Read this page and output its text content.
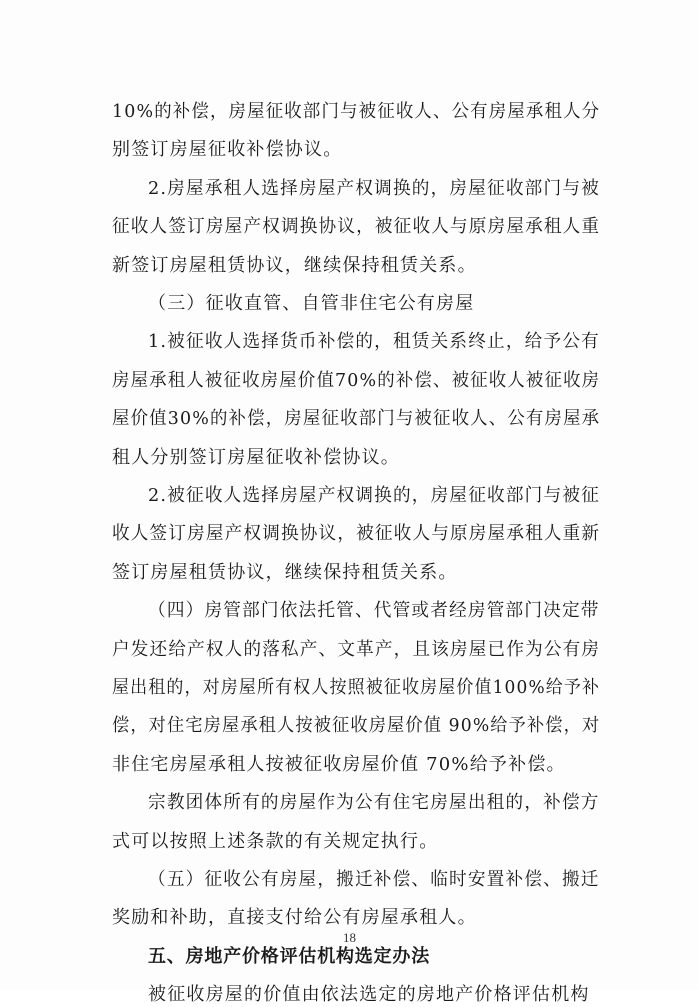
10%的补偿，房屋征收部门与被征收人、公有房屋承租人分
别签订房屋征收补偿协议。
2.房屋承租人选择房屋产权调换的，房屋征收部门与被
征收人签订房屋产权调换协议，被征收人与原房屋承租人重
新签订房屋租赁协议，继续保持租赁关系。
（三）征收直管、自管非住宅公有房屋
1.被征收人选择货币补偿的，租赁关系终止，给予公有
房屋承租人被征收房屋价值70%的补偿、被征收人被征收房
屋价值30%的补偿，房屋征收部门与被征收人、公有房屋承
租人分别签订房屋征收补偿协议。
2.被征收人选择房屋产权调换的，房屋征收部门与被征
收人签订房屋产权调换协议，被征收人与原房屋承租人重新
签订房屋租赁协议，继续保持租赁关系。
（四）房管部门依法托管、代管或者经房管部门决定带
户发还给产权人的落私产、文革产，且该房屋已作为公有房
屋出租的，对房屋所有权人按照被征收房屋价值100%给予补
偿，对住宅房屋承租人按被征收房屋价值 90%给予补偿，对
非住宅房屋承租人按被征收房屋价值 70%给予补偿。
宗教团体所有的房屋作为公有住宅房屋出租的，补偿方
式可以按照上述条款的有关规定执行。
（五）征收公有房屋，搬迁补偿、临时安置补偿、搬迁
奖励和补助，直接支付给公有房屋承租人。
五、房地产价格评估机构选定办法
被征收房屋的价值由依法选定的房地产价格评估机构
18
